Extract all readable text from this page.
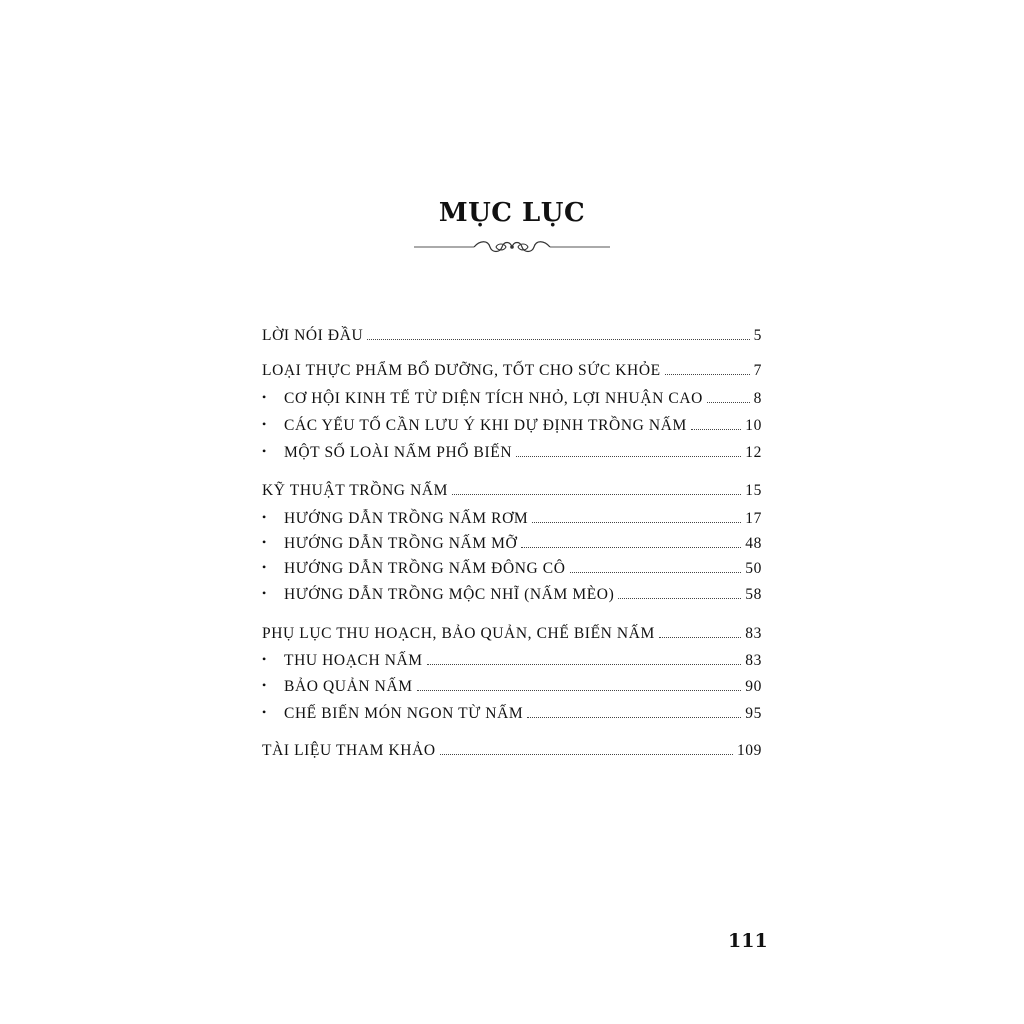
MỤC LỤC
LỜI NÓI ĐẦU	5
LOẠI THỰC PHẨM BỔ DƯỠNG, TỐT CHO SỨC KHỎE	7
•	CƠ HỘI KINH TẾ TỪ DIỆN TÍCH NHỎ, LỢI NHUẬN CAO	8
•	CÁC YẾU TỐ CẦN LƯU Ý KHI DỰ ĐỊNH TRỒNG NẤM	10
•	MỘT SỐ LOÀI NẤM PHỔ BIẾN	12
KỸ THUẬT TRỒNG NẤM	15
•	HƯỚNG DẪN TRỒNG NẤM RƠM	17
•	HƯỚNG DẪN TRỒNG NẤM MỠ	48
•	HƯỚNG DẪN TRỒNG NẤM ĐÔNG CÔ	50
•	HƯỚNG DẪN TRỒNG MỘC NHĨ (NẤM MÈO)	58
PHỤ LỤC THU HOẠCH, BẢO QUẢN, CHẾ BIẾN NẤM	83
•	THU HOẠCH NẤM	83
•	BẢO QUẢN NẤM	90
•	CHẾ BIẾN MÓN NGON TỪ NẤM	95
TÀI LIỆU THAM KHẢO	109
111
